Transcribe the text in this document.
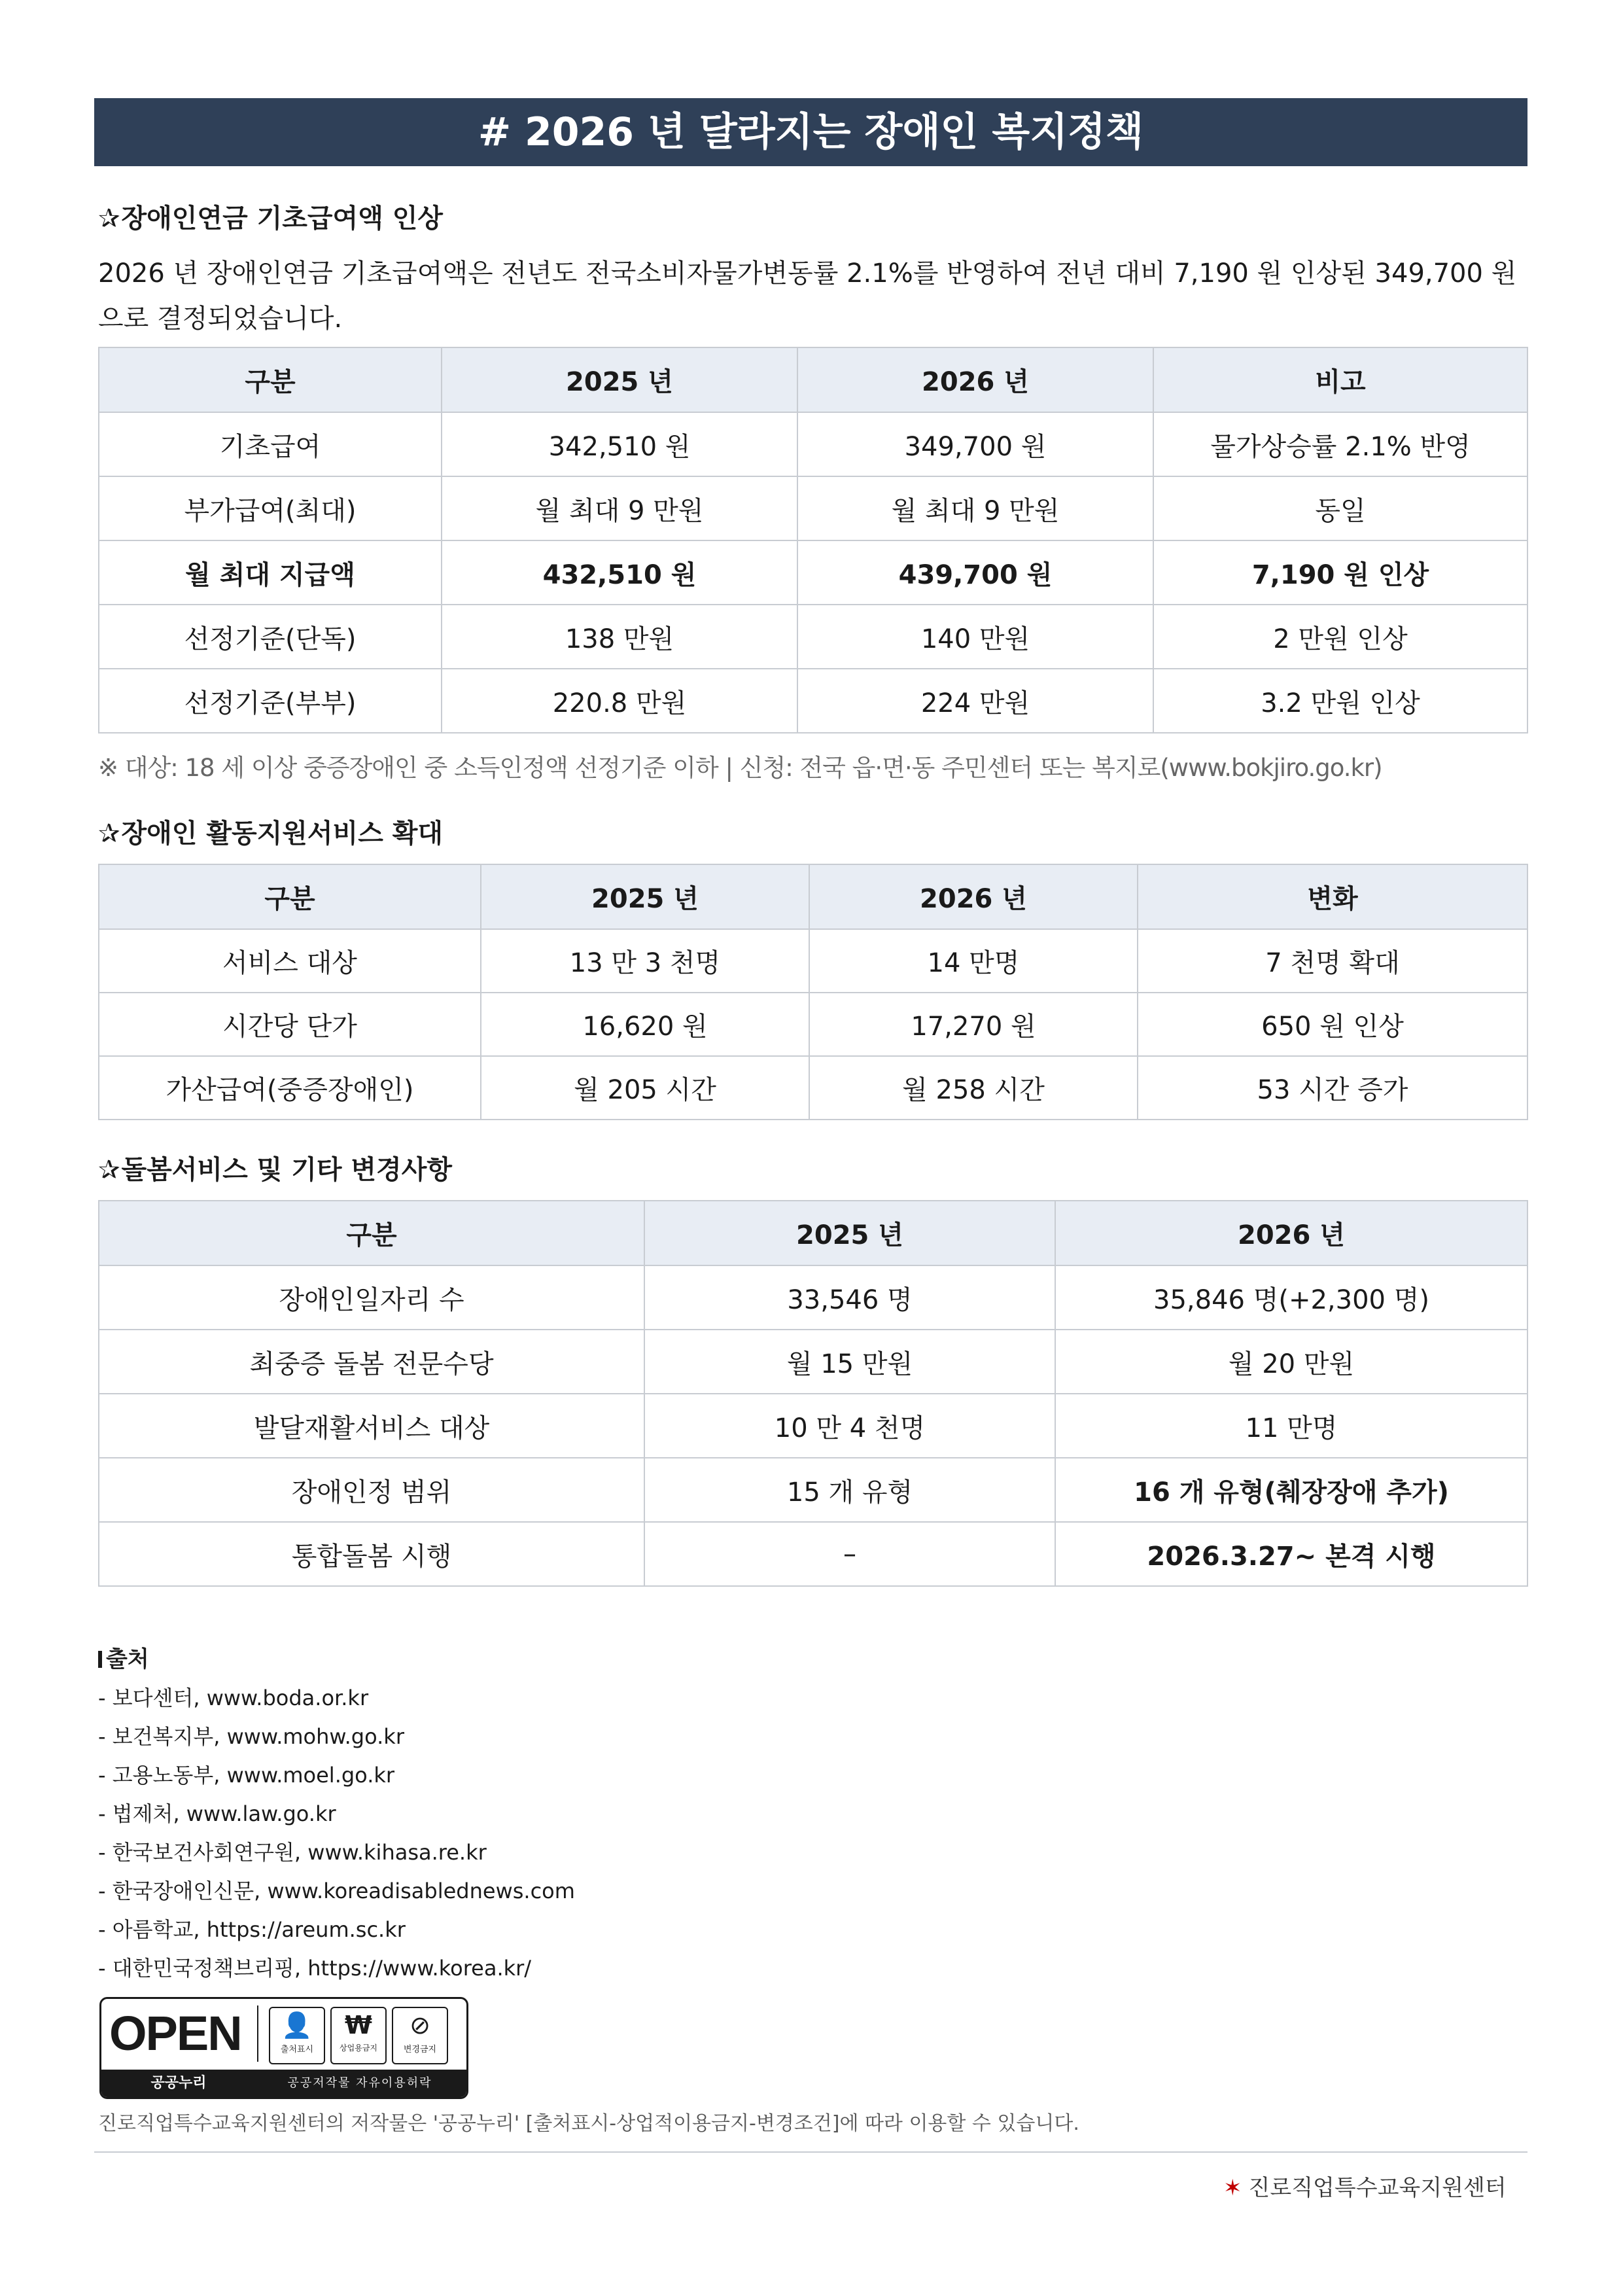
# 2026 년 달라지는 장애인 복지정책
✰장애인연금 기초급여액 인상
2026 년 장애인연금 기초급여액은 전년도 전국소비자물가변동률 2.1%를 반영하여 전년 대비 7,190 원 인상된 349,700 원
으로 결정되었습니다.
구분	2025 년	2026 년	비고
기초급여	342,510 원	349,700 원	물가상승률 2.1% 반영
부가급여(최대)	월 최대 9 만원	월 최대 9 만원	동일
월 최대 지급액	432,510 원	439,700 원	7,190 원 인상
선정기준(단독)	138 만원	140 만원	2 만원 인상
선정기준(부부)	220.8 만원	224 만원	3.2 만원 인상
※ 대상: 18 세 이상 중증장애인 중 소득인정액 선정기준 이하 | 신청: 전국 읍·면·동 주민센터 또는 복지로(www.bokjiro.go.kr)
✰장애인 활동지원서비스 확대
구분	2025 년	2026 년	변화
서비스 대상	13 만 3 천명	14 만명	7 천명 확대
시간당 단가	16,620 원	17,270 원	650 원 인상
가산급여(중증장애인)	월 205 시간	월 258 시간	53 시간 증가
✰돌봄서비스 및 기타 변경사항
구분	2025 년	2026 년
장애인일자리 수	33,546 명	35,846 명(+2,300 명)
최중증 돌봄 전문수당	월 15 만원	월 20 만원
발달재활서비스 대상	10 만 4 천명	11 만명
장애인정 범위	15 개 유형	16 개 유형(췌장장애 추가)
통합돌봄 시행	–	2026.3.27~ 본격 시행
출처
- 보다센터, www.boda.or.kr
- 보건복지부, www.mohw.go.kr
- 고용노동부, www.moel.go.kr
- 법제처, www.law.go.kr
- 한국보건사회연구원, www.kihasa.re.kr
- 한국장애인신문, www.koreadisablednews.com
- 아름학교, https://areum.sc.kr
- 대한민국정책브리핑, https://www.korea.kr/
OPEN	👤
출처표시
₩
상업용금지
⊘
변경금지
공공누리	공공저작물 자유이용허락
진로직업특수교육지원센터의 저작물은 '공공누리' [출처표시-상업적이용금지-변경조건]에 따라 이용할 수 있습니다.
✶ 진로직업특수교육지원센터
